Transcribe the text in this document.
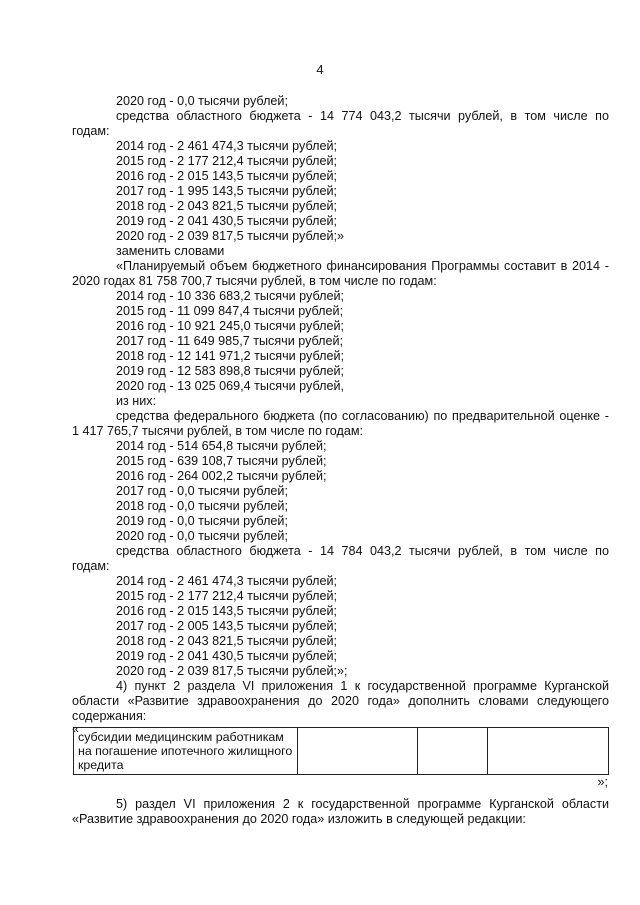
4
2020 год - 0,0 тысячи рублей;
средства областного бюджета - 14 774 043,2 тысячи рублей, в том числе по
годам:
2014 год - 2 461 474,3 тысячи рублей;
2015 год - 2 177 212,4 тысячи рублей;
2016 год - 2 015 143,5 тысячи рублей;
2017 год - 1 995 143,5 тысячи рублей;
2018 год - 2 043 821,5 тысячи рублей;
2019 год - 2 041 430,5 тысячи рублей;
2020 год - 2 039 817,5 тысячи рублей;»
заменить словами
«Планируемый объем бюджетного финансирования Программы составит в 2014 -
2020 годах 81 758 700,7 тысячи рублей, в том числе по годам:
2014 год - 10 336 683,2 тысячи рублей;
2015 год - 11 099 847,4 тысячи рублей;
2016 год - 10 921 245,0 тысячи рублей;
2017 год - 11 649 985,7 тысячи рублей;
2018 год - 12 141 971,2 тысячи рублей;
2019 год - 12 583 898,8 тысячи рублей;
2020 год - 13 025 069,4 тысячи рублей,
из них:
средства федерального бюджета (по согласованию) по предварительной оценке -
1 417 765,7 тысячи рублей, в том числе по годам:
2014 год - 514 654,8 тысячи рублей;
2015 год - 639 108,7 тысячи рублей;
2016 год - 264 002,2 тысячи рублей;
2017 год - 0,0 тысячи рублей;
2018 год - 0,0 тысячи рублей;
2019 год - 0,0 тысячи рублей;
2020 год - 0,0 тысячи рублей;
средства областного бюджета - 14 784 043,2 тысячи рублей, в том числе по
годам:
2014 год - 2 461 474,3 тысячи рублей;
2015 год - 2 177 212,4 тысячи рублей;
2016 год - 2 015 143,5 тысячи рублей;
2017 год - 2 005 143,5 тысячи рублей;
2018 год - 2 043 821,5 тысячи рублей;
2019 год - 2 041 430,5 тысячи рублей;
2020 год - 2 039 817,5 тысячи рублей;»;
4) пункт 2 раздела VI приложения 1 к государственной программе Курганской
области «Развитие здравоохранения до 2020 года» дополнить словами следующего
содержания:
«
субсидии медицинским работникам на погашение ипотечного жилищного кредита			
»;
5) раздел VI приложения 2 к государственной программе Курганской области
«Развитие здравоохранения до 2020 года» изложить в следующей редакции:
